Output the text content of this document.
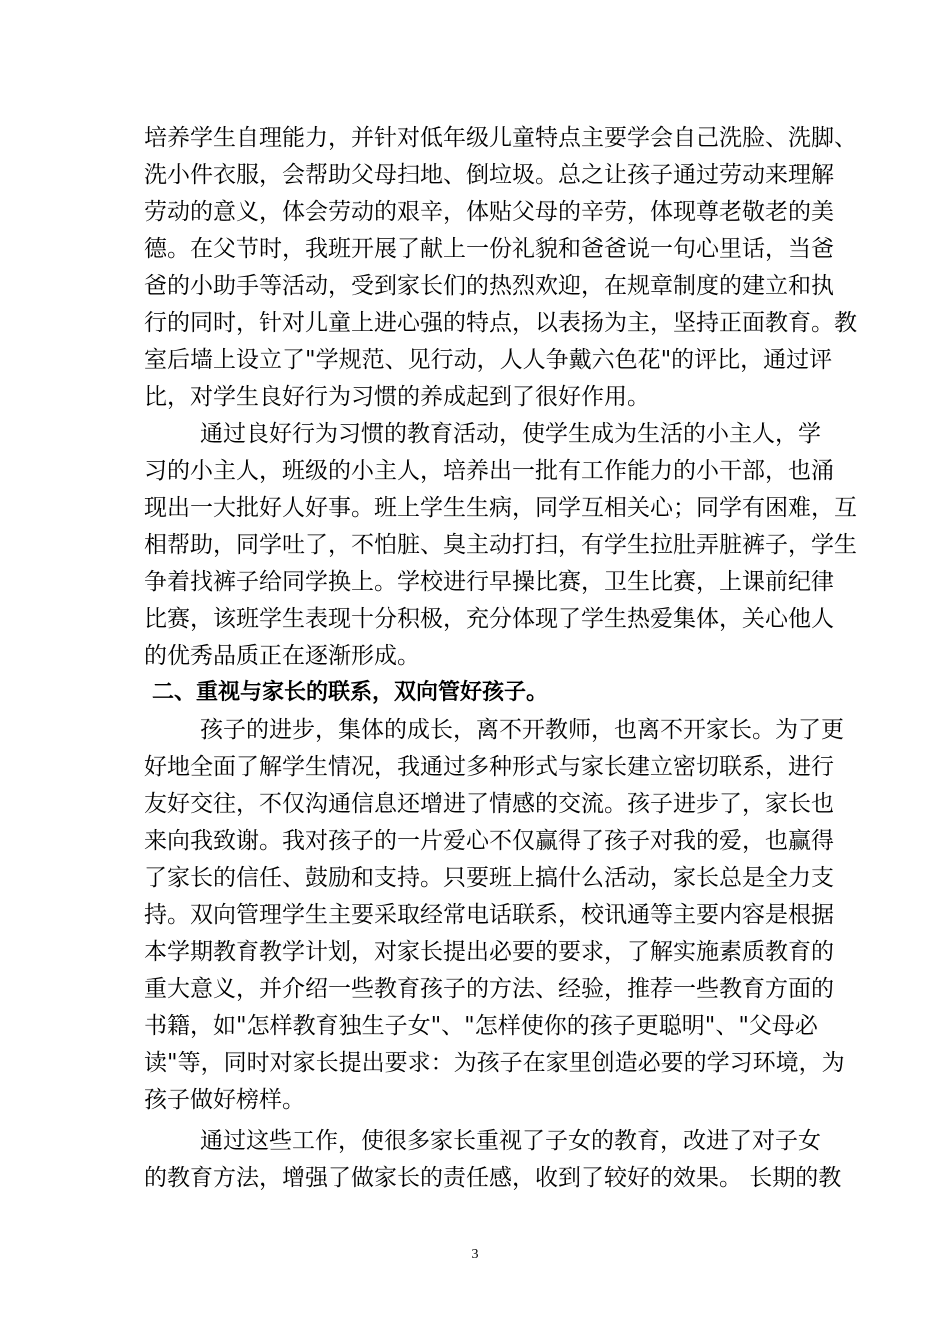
培养学生自理能力，并针对低年级儿童特点主要学会自己洗脸、洗脚、
洗小件衣服，会帮助父母扫地、倒垃圾。总之让孩子通过劳动来理解
劳动的意义，体会劳动的艰辛，体贴父母的辛劳，体现尊老敬老的美
德。在父节时，我班开展了献上一份礼貌和爸爸说一句心里话，当爸
爸的小助手等活动，受到家长们的热烈欢迎，在规章制度的建立和执
行的同时，针对儿童上进心强的特点，以表扬为主，坚持正面教育。教
室后墙上设立了"学规范、见行动，人人争戴六色花"的评比，通过评
比，对学生良好行为习惯的养成起到了很好作用。
通过良好行为习惯的教育活动，使学生成为生活的小主人，学
习的小主人，班级的小主人，培养出一批有工作能力的小干部，也涌
现出一大批好人好事。班上学生生病，同学互相关心；同学有困难，互
相帮助，同学吐了，不怕脏、臭主动打扫，有学生拉肚弄脏裤子，学生
争着找裤子给同学换上。学校进行早操比赛，卫生比赛，上课前纪律
比赛，该班学生表现十分积极，充分体现了学生热爱集体，关心他人
的优秀品质正在逐渐形成。
二、重视与家长的联系，双向管好孩子。
孩子的进步，集体的成长，离不开教师，也离不开家长。为了更
好地全面了解学生情况，我通过多种形式与家长建立密切联系，进行
友好交往，不仅沟通信息还增进了情感的交流。孩子进步了，家长也
来向我致谢。我对孩子的一片爱心不仅赢得了孩子对我的爱，也赢得
了家长的信任、鼓励和支持。只要班上搞什么活动，家长总是全力支
持。双向管理学生主要采取经常电话联系，校讯通等主要内容是根据
本学期教育教学计划，对家长提出必要的要求，了解实施素质教育的
重大意义，并介绍一些教育孩子的方法、经验，推荐一些教育方面的
书籍，如"怎样教育独生子女"、"怎样使你的孩子更聪明"、"父母必
读"等，同时对家长提出要求：为孩子在家里创造必要的学习环境，为
孩子做好榜样。
通过这些工作，使很多家长重视了子女的教育，改进了对子女
的教育方法，增强了做家长的责任感，收到了较好的效果。 长期的教
3
